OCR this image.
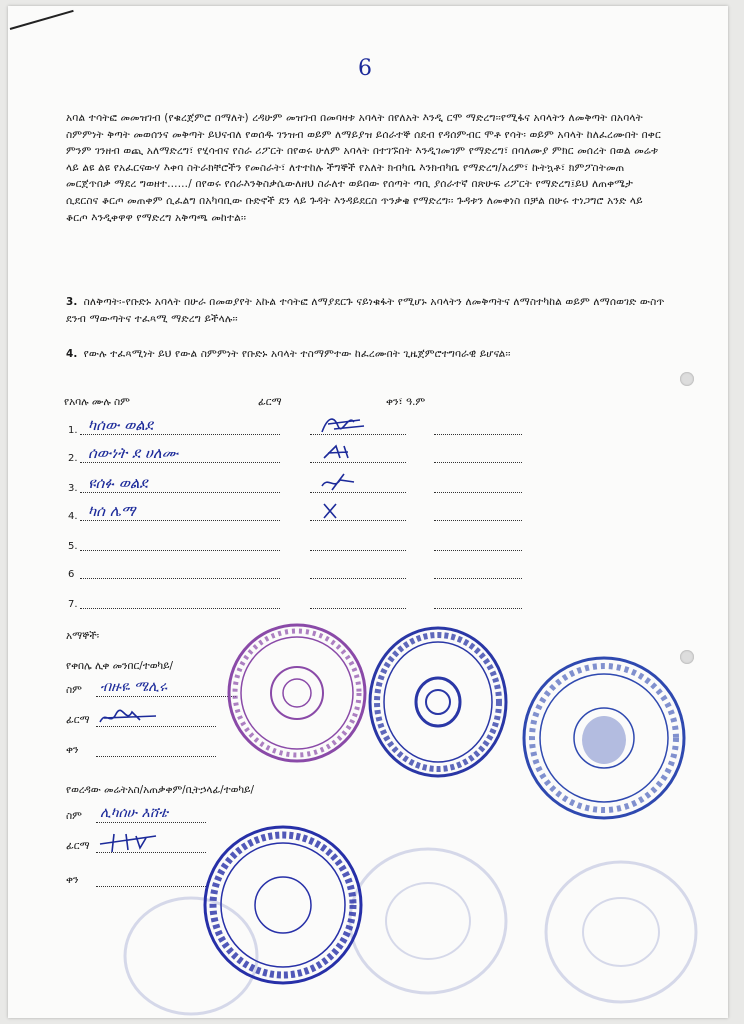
6
አባል ተሳትፎ መመዝገብ (የቁረጀምሮ በማለት) ረዳሁም መዝገብ በመባዛቱ አባላት በየለአት እንዲ ርሞ ማድረግ፡፡የሚፋና አባላትን ለመቅጣት በአባላት ስምምነት ቅጣት መወሰንና መቅጣት ይህናብለ የወሰዱ ገንዝብ ወይም ለማይያዝ ይሰራተኞ ሰደብ የዳሰምብር ሞቶ የሳት፡ ወይም አባላት ከለፈረሙበት በቀር ምንም ገንዘብ ወጪ አለማድረግ፣ የሂሳብና የስራ ሪፖርት በየወሩ ሁለም አባላት በተገኙበት እንዲገመገም የማድረግ፣ በባለሙያ ምክር መሰረት በወል መሬቱ ላይ ልዩ ልዩ የአፈርናውሃ እቀባ ስትራክቸሮችን የመስራት፣ ለተተከሉ ችግኞች የአለት ክብካቤ እንክብካቤ የማድረግ/አረም፣ ኩትኳቶ፣ ክምፖስትመጠ መርጀጥበቃ ማደረ ግወዘተ……/ በየወሩ የሰራእንቅስቃሴውለዘህ ስራለተ ወይበው የሰጣት ጣቢ ያሰራተኛ በጽሁፍ ሪፖርት የማድረግ፤ይህ ለጠቀሜታ ሲደርስና ቆርጦ መጠቀም ሲፈልግ በአካባቢው ቡድኖች ደን ላይ ጉዳት እንዳይደርስ ጥንቃቄ የማድረግ፡፡ ጉዳቱን ለመቀነስ በቻል በሁሩ ተነጋግሮ አንድ ላይ ቆርጦ እንዲቀዋዋ የማድረግ አቅጣጫ መከተል፡፡
3. ስለቅጣት፡-የቡድኑ አባላት በሁራ በመወያየት አኩል ተሳትፎ ለማያደርጉ ናይነቁፋት የሚሆኑ አባላትን ለመቅጣትና ለማስተካከል ወይም ለማሰወገድ ውስጥ ደንብ ማውጣትና ተፈጻሚ ማድረግ ይችላሉ፡፡
4. የውሉ ተፈጻሚነት ይህ የውል ስምምነት የቡድኑ አባላት ተስማምተው ከፈረሙበት ጊዜጀምሮተግባራዊ ይሆናል፡፡
የአባሉ ሙሉ ስም	ፊርማ	ቀን፣ ዓ.ም
1. ካሰው ወልደ
2. ሰውነት ደ ሀለሙ
3. ዩሰፉ ወልደ
4. ካሰ ሌማ
5.
6
7.
አማኞች፡
የቀበሌ ሊቀ መንበር/ተወካይ/
ስም ብዙዬ ሜሊሩ
ፊርማ
ቀን
የወረዳው መሬትአስ/አጠቃቀም/ቢትኃላፊ/ተወካይ/
ስም ሊካሰሁ እሸቴ
ፊርማ
ቀን
